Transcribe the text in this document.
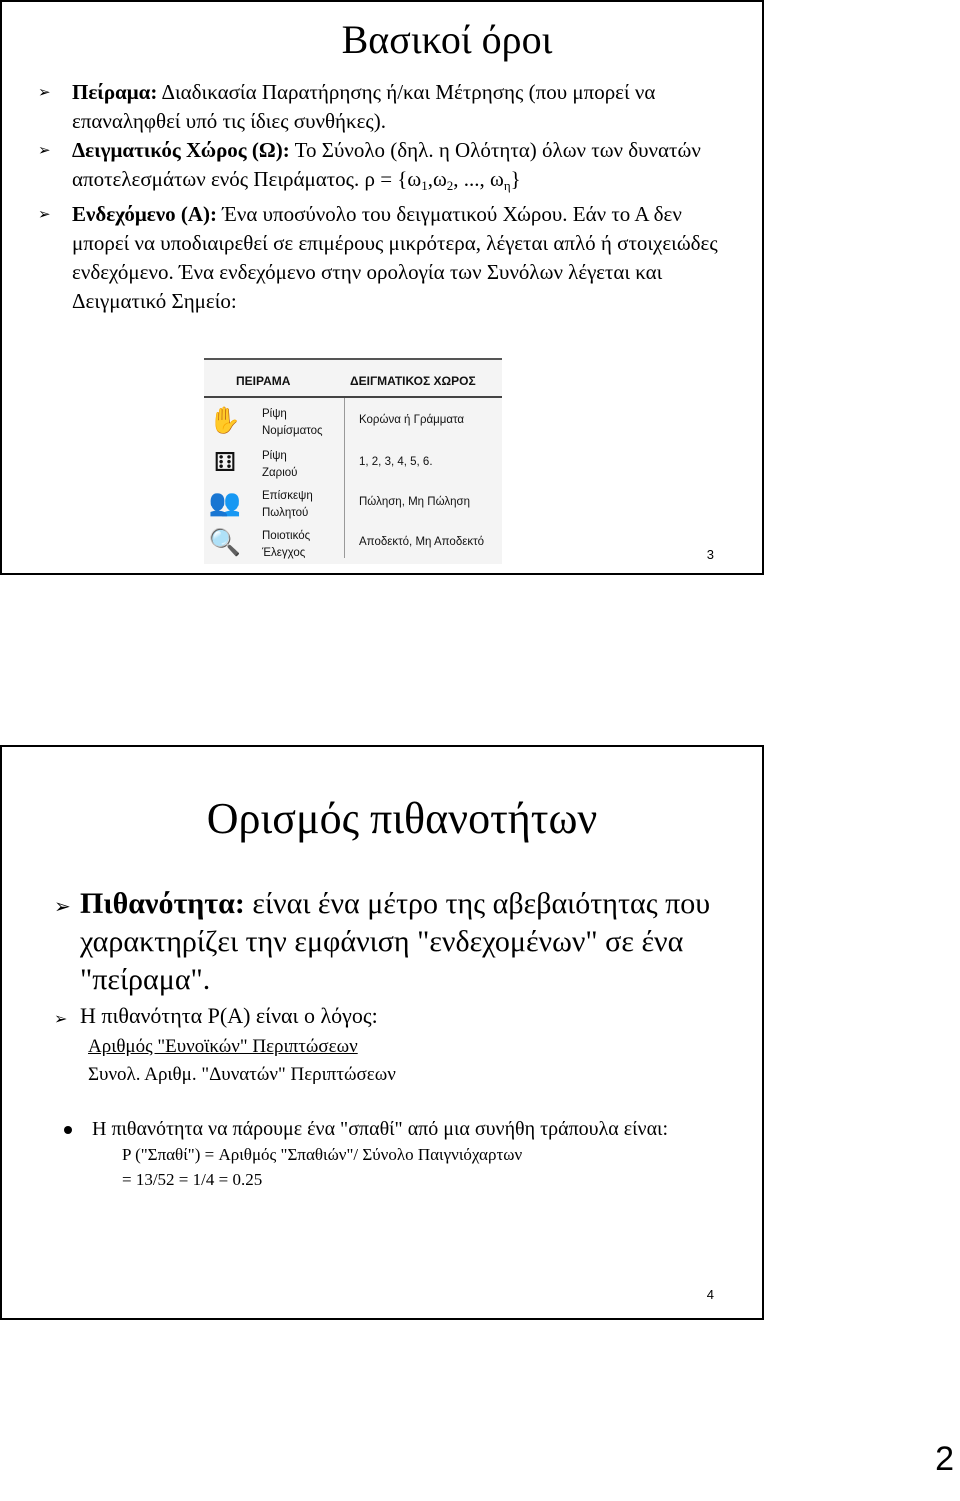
Βασικοί όροι
➢ Πείραμα: Διαδικασία Παρατήρησης ή/και Μέτρησης (που μπορεί να επαναληφθεί υπό τις ίδιες συνθήκες).
➢ Δειγματικός Χώρος (Ω): Το Σύνολο (δηλ. η Ολότητα) όλων των δυνατών αποτελεσμάτων ενός Πειράματος. $\rho = \{\omega_1,\omega_2$, ..., $\omega_\eta$}
➢ Ενδεχόμενο (Α): Ένα υποσύνολο του δειγματικού Χώρου. Εάν το Α δεν μπορεί να υποδιαιρεθεί σε επιμέρους μικρότερα, λέγεται απλό ή στοιχειώδες ενδεχόμενο. Ένα ενδεχόμενο στην ορολογία των Συνόλων λέγεται και Δειγματικό Σημείο:
ΠΕΙΡΑΜΑ	ΔΕΙΓΜΑΤΙΚΟΣ ΧΩΡΟΣ
✋ Ρίψη
Νομίσματος
Κορώνα ή Γράμματα
⚅	Ρίψη
Ζαριού
1, 2, 3, 4, 5, 6.
👥 Επίσκεψη
Πωλητού
Πώληση, Μη Πώληση
🔍 Ποιοτικός
Έλεγχος
Αποδεκτό, Μη Αποδεκτό
3
Ορισμός πιθανοτήτων
➢ Πιθανότητα: είναι ένα μέτρο της αβεβαιότητας που χαρακτηρίζει την εμφάνιση "ενδεχομένων" σε ένα "πείραμα".
➢ Η πιθανότητα P(A) είναι ο λόγος:
Αριθμός "Ευνοϊκών" Περιπτώσεων
Συνολ. Αριθμ. "Δυνατών" Περιπτώσεων
Η πιθανότητα να πάρουμε ένα "σπαθί" από μια συνήθη τράπουλα είναι:
P ("Σπαθί") = Αριθμός "Σπαθιών"/ Σύνολο Παιγνιόχαρτων
= 13/52 = 1/4 = 0.25
4
2
